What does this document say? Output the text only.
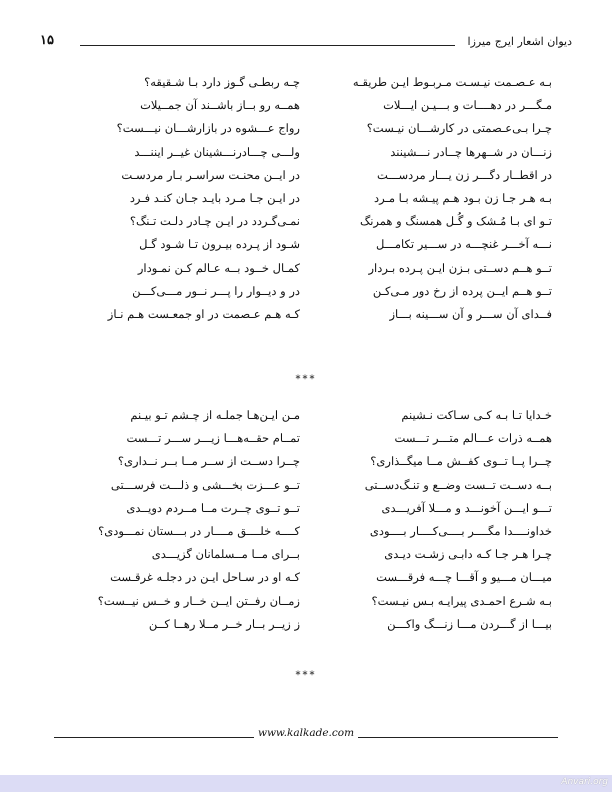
دیوان اشعار ایرج میرزا
۱۵
بـه عـصـمت نیـسـت مـربـوط ایـن طریقـه
مـگـــر در دهــــات و بـــیـن ایـــلات
چـرا بـی‌عـصمتی در کارشـــان نیـست؟
زنـــان در شــهرها چــادر نـــشینند
در اقطــار دگـــر زن یـــار مردســـت
بـه هـر جـا زن بـود هـم پیـشه بـا مـرد
تـو ای بـا مُـشک و گُـل همسنگ و همرنگ
نـــه آخـــر غنچـــه در ســـیر تکامـــل
تــو هــم دســتی بـزن ایـن پـرده بـردار
تــو هــم ایــن پرده از رخ دور مـی‌کـن
فــدای آن ســـر و آن ســـینه بـــاز
چـه ربطـی گـوز دارد بـا شـقیقه؟
همــه رو بــاز باشــند آن جمــیلات
رواج عـــشوه در بازارشـــان نیـــست؟
ولـــی چـــادرنـــشینان غیــر ایننـــد
در ایــن محنـت سراسـر بـار مردسـت
در ایـن جـا مـرد بایـد جـان کنـد فـرد
نمـی‌گـردد در ایـن چـادر دلـت تـنگ؟
شـود از پـرده بیـرون تـا شـود گـل
کمـال خــود بــه عـالم کـن نمـودار
در و دیــوار را پـــر نــور مـــی‌کـــن
کـه هـم عـصمت در او جمعـست هـم نـاز
***
خـدایا تـا بـه کـی سـاکت نـشینم
همــه ذرات عـــالم متـــر تـــست
چــرا پــا تــوی کفــش مــا میگــذاری؟
بــه دســت تــست وضــع و تنـگ‌دســتی
تـــو ایـــن آخونـــد و مـــلا آفریـــدی
خداونــــدا مگــــر بــــی‌کــــار بــــودی
چـرا هـر جـا کـه دابـی زشـت دیـدی
میـــان مـــیو و آقـــا چـــه فرقـــست
بـه شـرع احمـدی پیرایـه بـس نیـست؟
بیـــا از گـــردن مـــا زنـــگ واکـــن
مـن ایـن‌هـا جملـه از چـشم تـو بیـنم
تمــام حقــه‌هـــا زیـــر ســـر تـــست
چــرا دســت از ســر مــا بــر نــداری؟
تــو عـــزت بخـــشی و ذلـــت فرســـتی
تــو تــوی چــرت مــا مــردم دویــدی
کــــه خلــــق مــــار در بـــستان نمـــودی؟
بــرای مــا مــسلمانان گزیـــدی
کـه او در سـاحل ایـن در دجلـه غرقـست
زمــان رفــتن ایــن خــار و خــس نیــست؟
ز زیــر بــار خــر مــلا رهــا کــن
***
www.kalkade.com
Anvari.org
